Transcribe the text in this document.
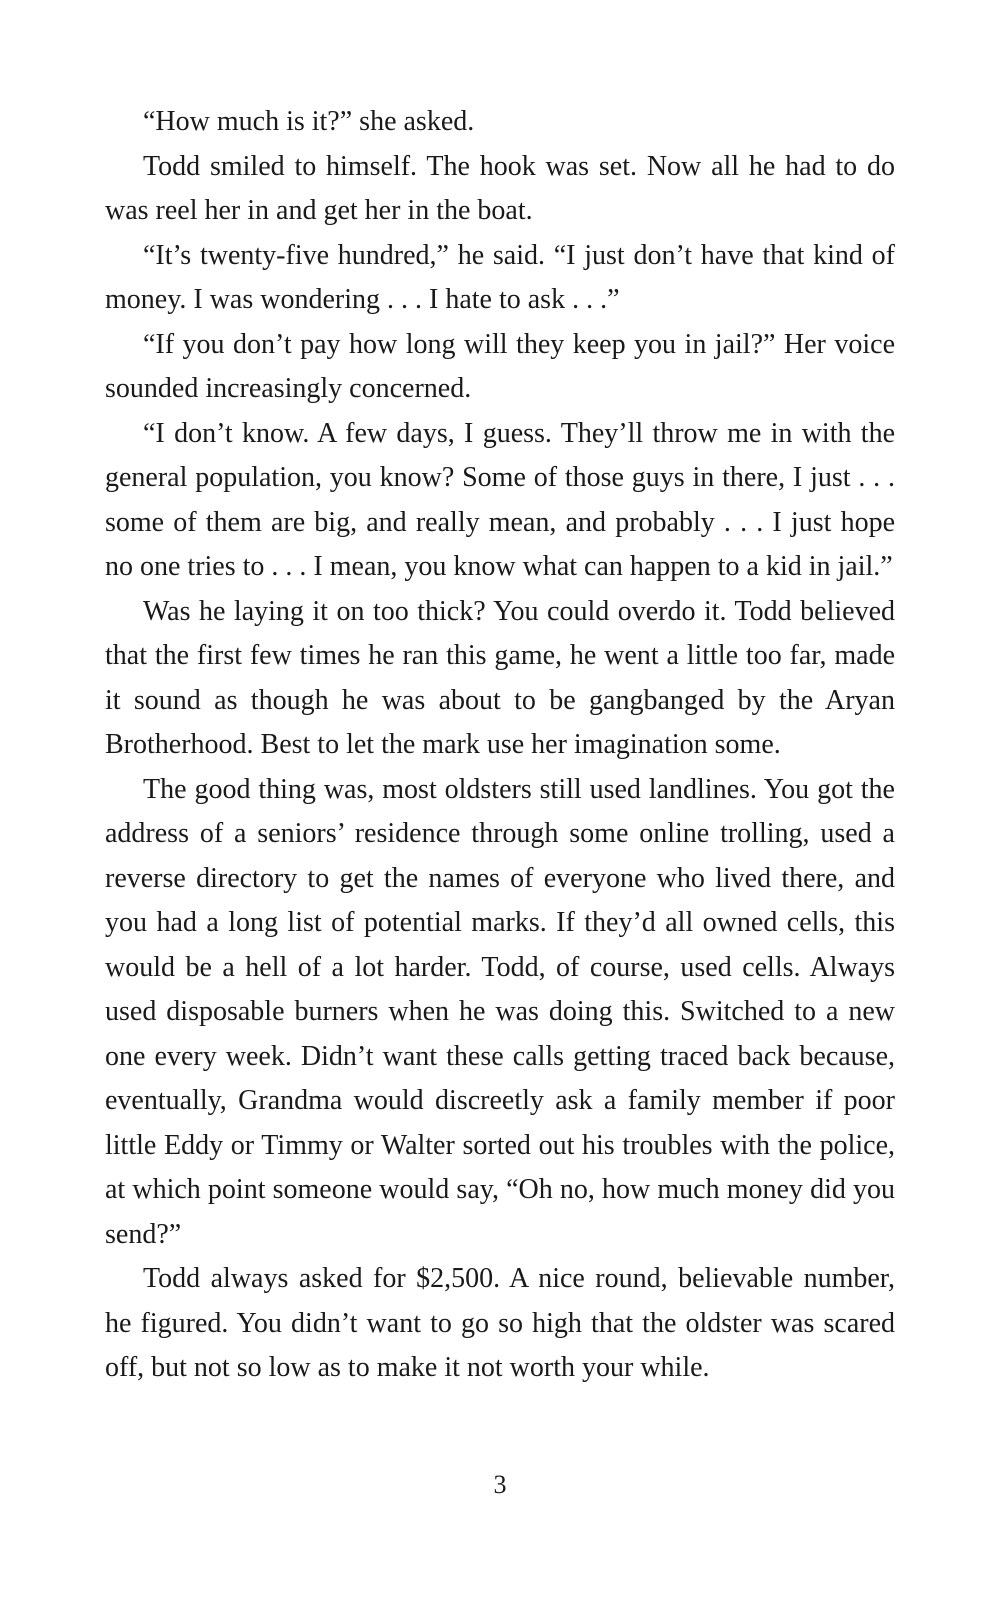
“How much is it?” she asked.

Todd smiled to himself. The hook was set. Now all he had to do was reel her in and get her in the boat.

“It’s twenty-five hundred,” he said. “I just don’t have that kind of money. I was wondering . . . I hate to ask . . .”

“If you don’t pay how long will they keep you in jail?” Her voice sounded increasingly concerned.

“I don’t know. A few days, I guess. They’ll throw me in with the general population, you know? Some of those guys in there, I just . . . some of them are big, and really mean, and probably . . . I just hope no one tries to . . . I mean, you know what can happen to a kid in jail.”

Was he laying it on too thick? You could overdo it. Todd believed that the first few times he ran this game, he went a little too far, made it sound as though he was about to be gangbanged by the Aryan Brotherhood. Best to let the mark use her imagination some.

The good thing was, most oldsters still used landlines. You got the address of a seniors’ residence through some online trolling, used a reverse directory to get the names of everyone who lived there, and you had a long list of potential marks. If they’d all owned cells, this would be a hell of a lot harder. Todd, of course, used cells. Always used disposable burners when he was doing this. Switched to a new one every week. Didn’t want these calls getting traced back because, eventually, Grandma would discreetly ask a family member if poor little Eddy or Timmy or Walter sorted out his troubles with the police, at which point someone would say, “Oh no, how much money did you send?”

Todd always asked for $2,500. A nice round, believable number, he figured. You didn’t want to go so high that the oldster was scared off, but not so low as to make it not worth your while.

3
